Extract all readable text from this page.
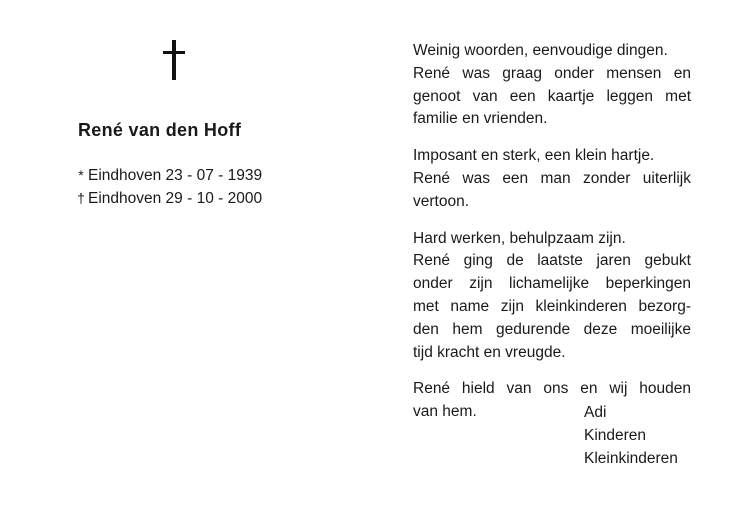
René van den Hoff
* Eindhoven 23 - 07 - 1939
† Eindhoven 29 - 10 - 2000
Weinig woorden, eenvoudige dingen.
René was graag onder mensen en
genoot van een kaartje leggen met
familie en vrienden.
Imposant en sterk, een klein hartje.
René was een man zonder uiterlijk
vertoon.
Hard werken, behulpzaam zijn.
René ging de laatste jaren gebukt
onder zijn lichamelijke beperkingen
met name zijn kleinkinderen bezorg-
den hem gedurende deze moeilijke
tijd kracht en vreugde.
René hield van ons en wij houden
van hem.	Adi
Kinderen
Kleinkinderen
